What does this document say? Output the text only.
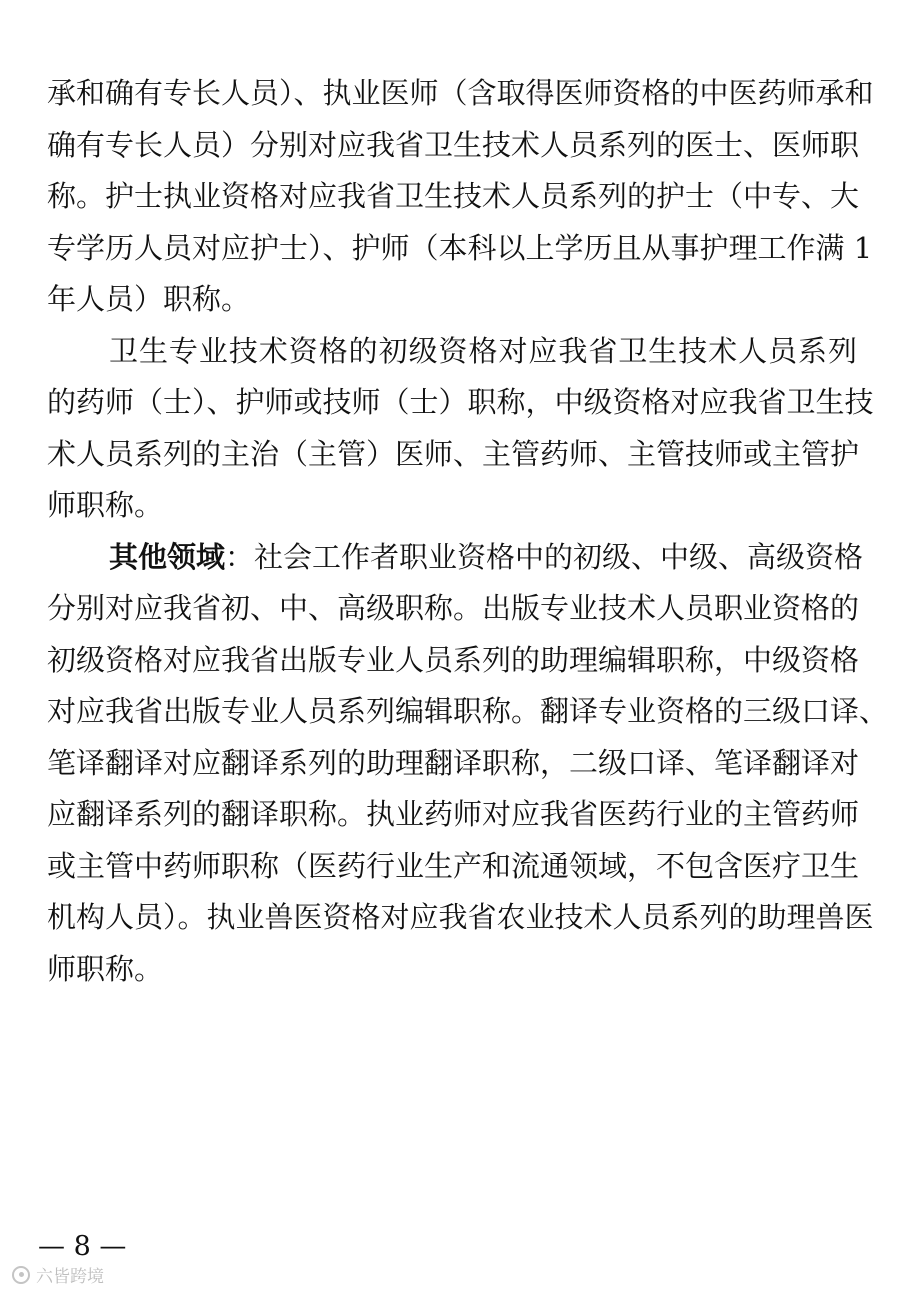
承和确有专长人员）、执业医师（含取得医师资格的中医药师承和
确有专长人员）分别对应我省卫生技术人员系列的医士、医师职
称。护士执业资格对应我省卫生技术人员系列的护士（中专、大
专学历人员对应护士）、护师（本科以上学历且从事护理工作满 1
年人员）职称。
卫生专业技术资格的初级资格对应我省卫生技术人员系列
的药师（士）、护师或技师（士）职称，中级资格对应我省卫生技
术人员系列的主治（主管）医师、主管药师、主管技师或主管护
师职称。
其他领域：社会工作者职业资格中的初级、中级、高级资格
分别对应我省初、中、高级职称。出版专业技术人员职业资格的
初级资格对应我省出版专业人员系列的助理编辑职称，中级资格
对应我省出版专业人员系列编辑职称。翻译专业资格的三级口译、
笔译翻译对应翻译系列的助理翻译职称，二级口译、笔译翻译对
应翻译系列的翻译职称。执业药师对应我省医药行业的主管药师
或主管中药师职称（医药行业生产和流通领域，不包含医疗卫生
机构人员）。执业兽医资格对应我省农业技术人员系列的助理兽医
师职称。
— 8 —
六皆跨境
